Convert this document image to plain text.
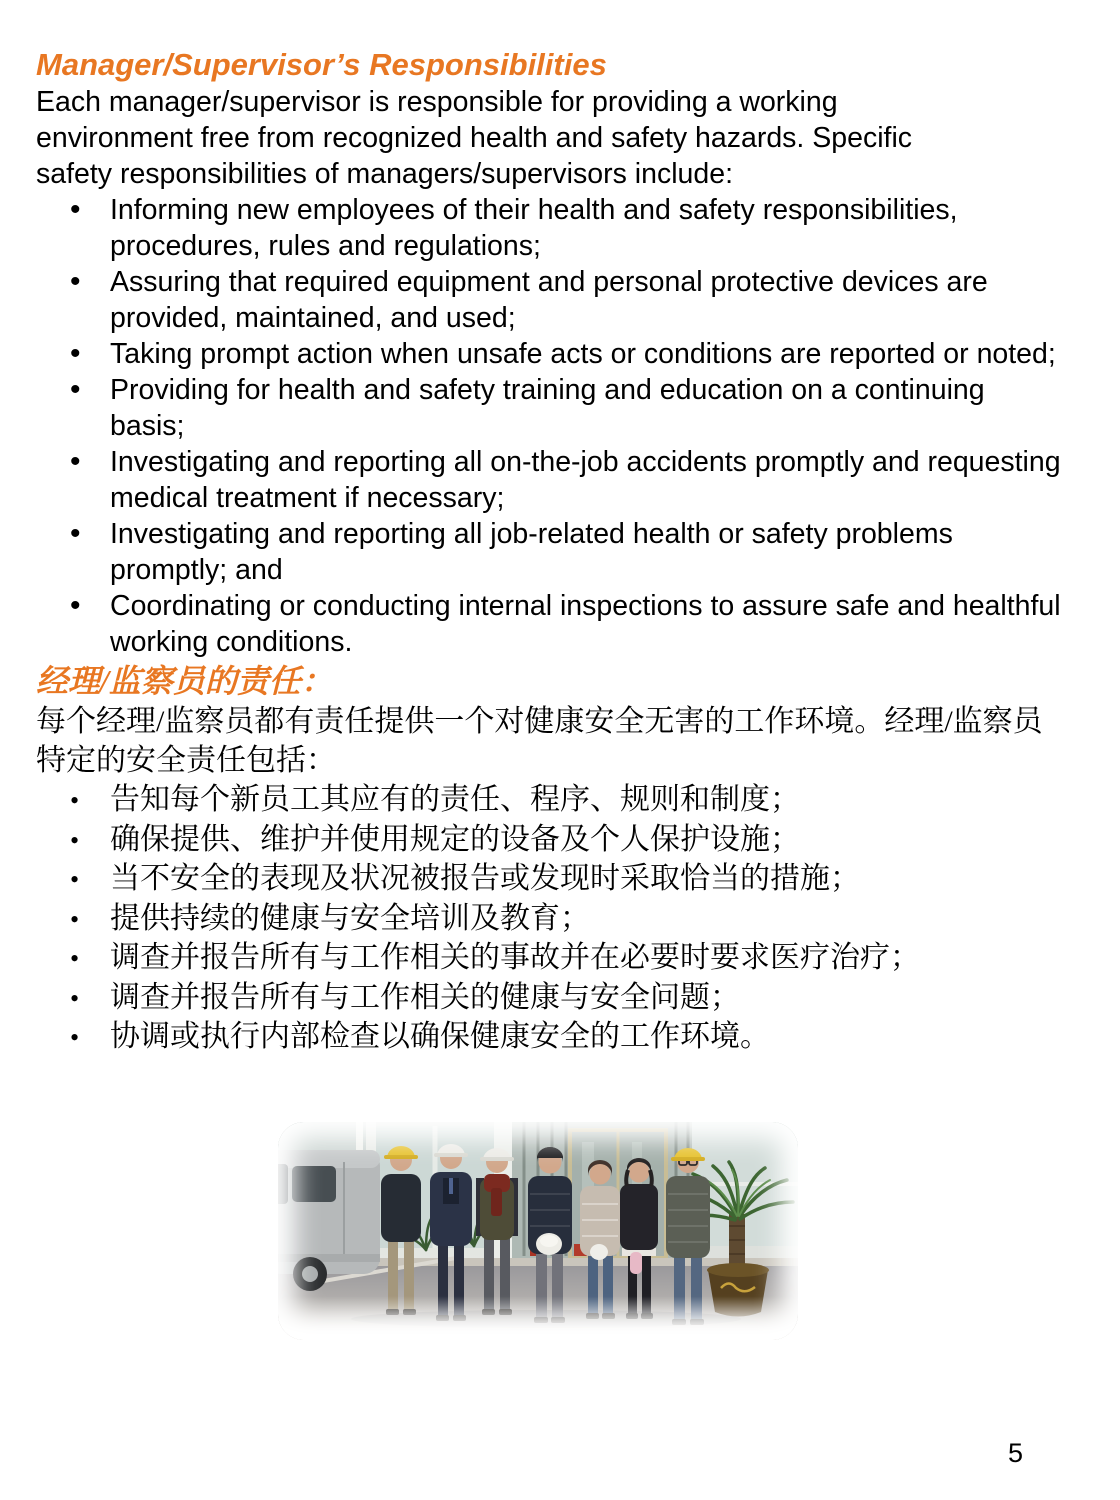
Manager/Supervisor’s Responsibilities

Each manager/supervisor is responsible for providing a working environment free from recognized health and safety hazards. Specific safety responsibilities of managers/supervisors include:

• Informing new employees of their health and safety responsibilities, procedures, rules and regulations;
• Assuring that required equipment and personal protective devices are provided, maintained, and used;
• Taking prompt action when unsafe acts or conditions are reported or noted;
• Providing for health and safety training and education on a continuing basis;
• Investigating and reporting all on-the-job accidents promptly and requesting medical treatment if necessary;
• Investigating and reporting all job-related health or safety problems promptly; and
• Coordinating or conducting internal inspections to assure safe and healthful working conditions.
经理/监察员的责任：

每个经理/监察员都有责任提供一个对健康安全无害的工作环境。经理/监察员特定的安全责任包括：

• 告知每个新员工其应有的责任、程序、规则和制度；
• 确保提供、维护并使用规定的设备及个人保护设施；
• 当不安全的表现及状况被报告或发现时采取恰当的措施；
• 提供持续的健康与安全培训及教育；
• 调查并报告所有与工作相关的事故并在必要时要求医疗治疗；
• 调查并报告所有与工作相关的健康与安全问题；
• 协调或执行内部检查以确保健康安全的工作环境。
5
